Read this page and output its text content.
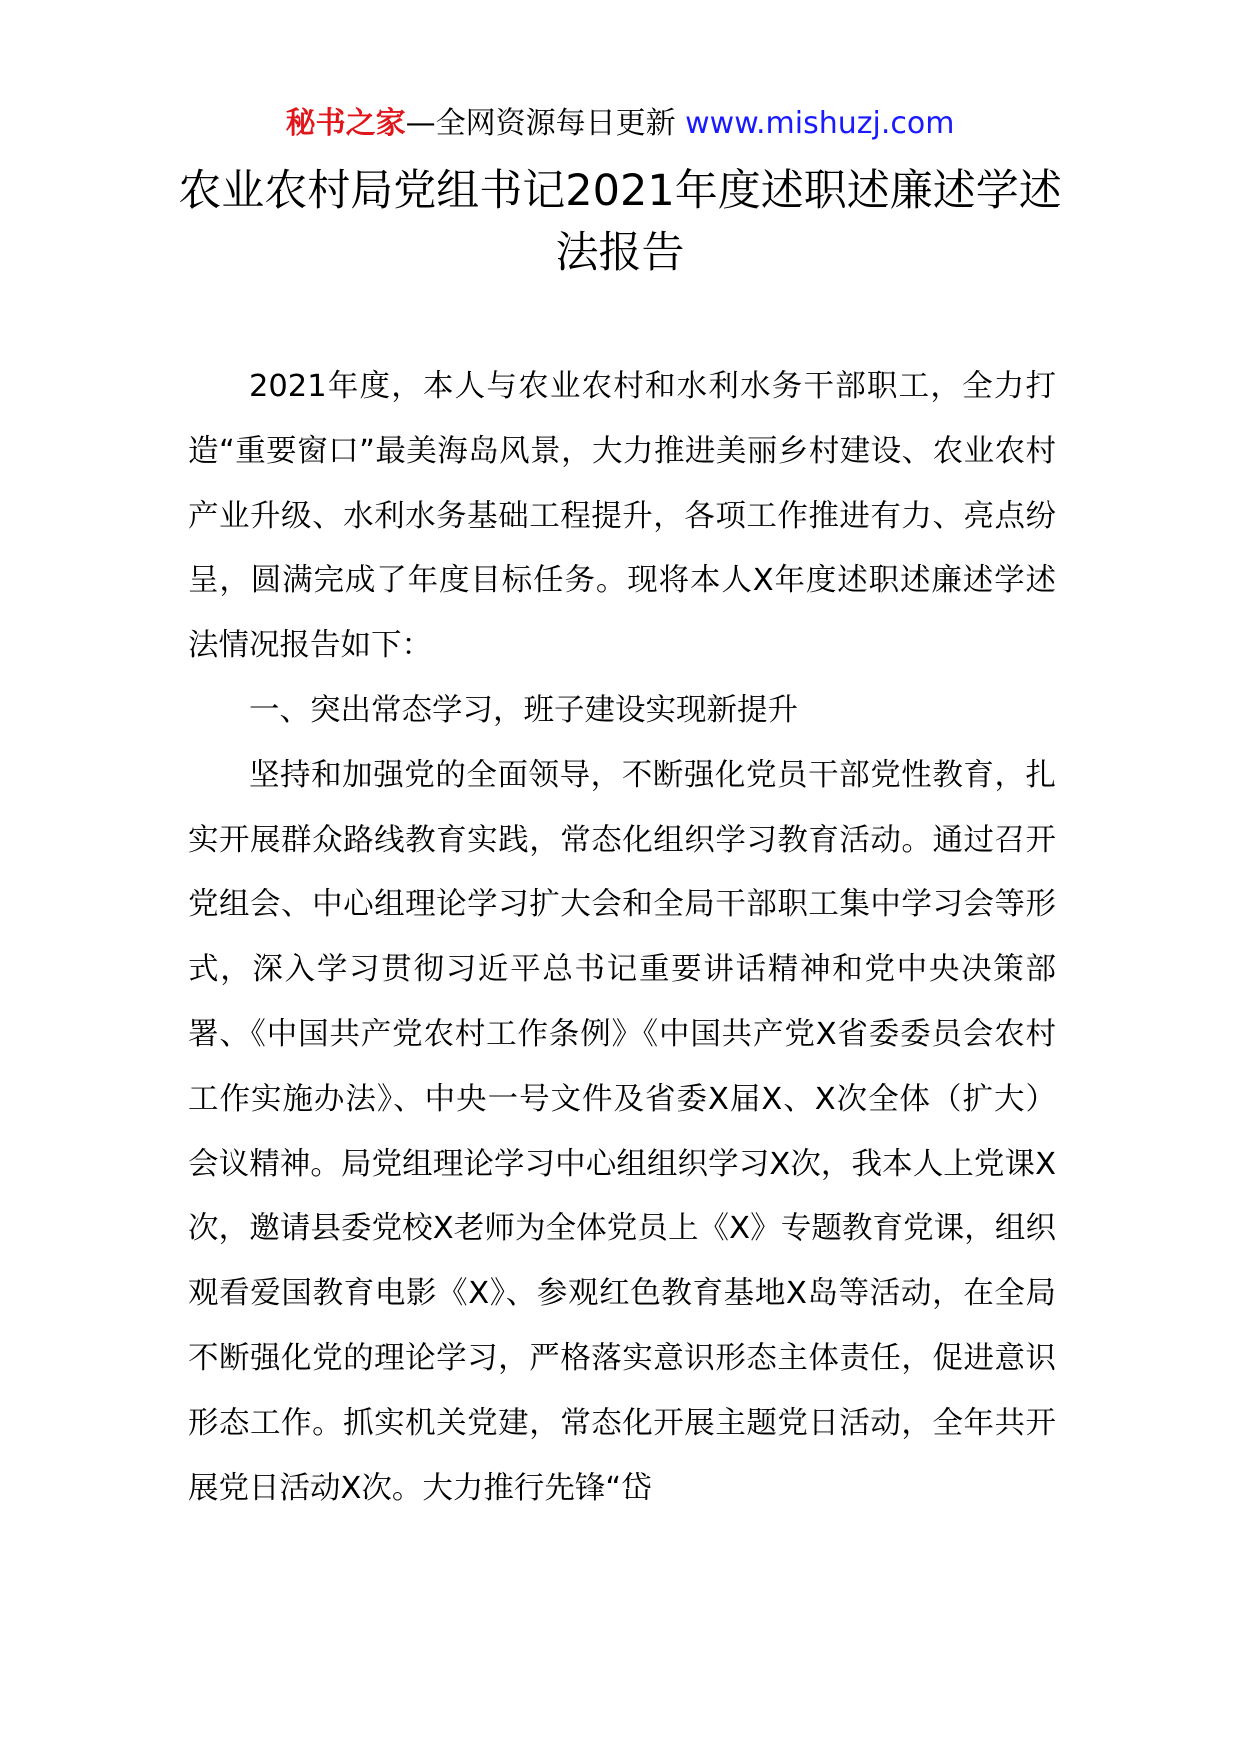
秘书之家—全网资源每日更新 www.mishuzj.com
农业农村局党组书记2021年度述职述廉述学述法报告

2021年度，本人与农业农村和水利水务干部职工，全力打造“重要窗口”最美海岛风景，大力推进美丽乡村建设、农业农村产业升级、水利水务基础工程提升，各项工作推进有力、亮点纷呈，圆满完成了年度目标任务。现将本人X年度述职述廉述学述法情况报告如下：

一、突出常态学习，班子建设实现新提升

坚持和加强党的全面领导，不断强化党员干部党性教育，扎实开展群众路线教育实践，常态化组织学习教育活动。通过召开党组会、中心组理论学习扩大会和全局干部职工集中学习会等形式，深入学习贯彻习近平总书记重要讲话精神和党中央决策部署、《中国共产党农村工作条例》《中国共产党X省委委员会农村工作实施办法》、中央一号文件及省委X届X、X次全体（扩大）会议精神。局党组理论学习中心组组织学习X次，我本人上党课X次，邀请县委党校X老师为全体党员上《X》专题教育党课，组织观看爱国教育电影《X》、参观红色教育基地X岛等活动，在全局不断强化党的理论学习，严格落实意识形态主体责任，促进意识形态工作。抓实机关党建，常态化开展主题党日活动，全年共开展党日活动X次。大力推行先锋“岱
